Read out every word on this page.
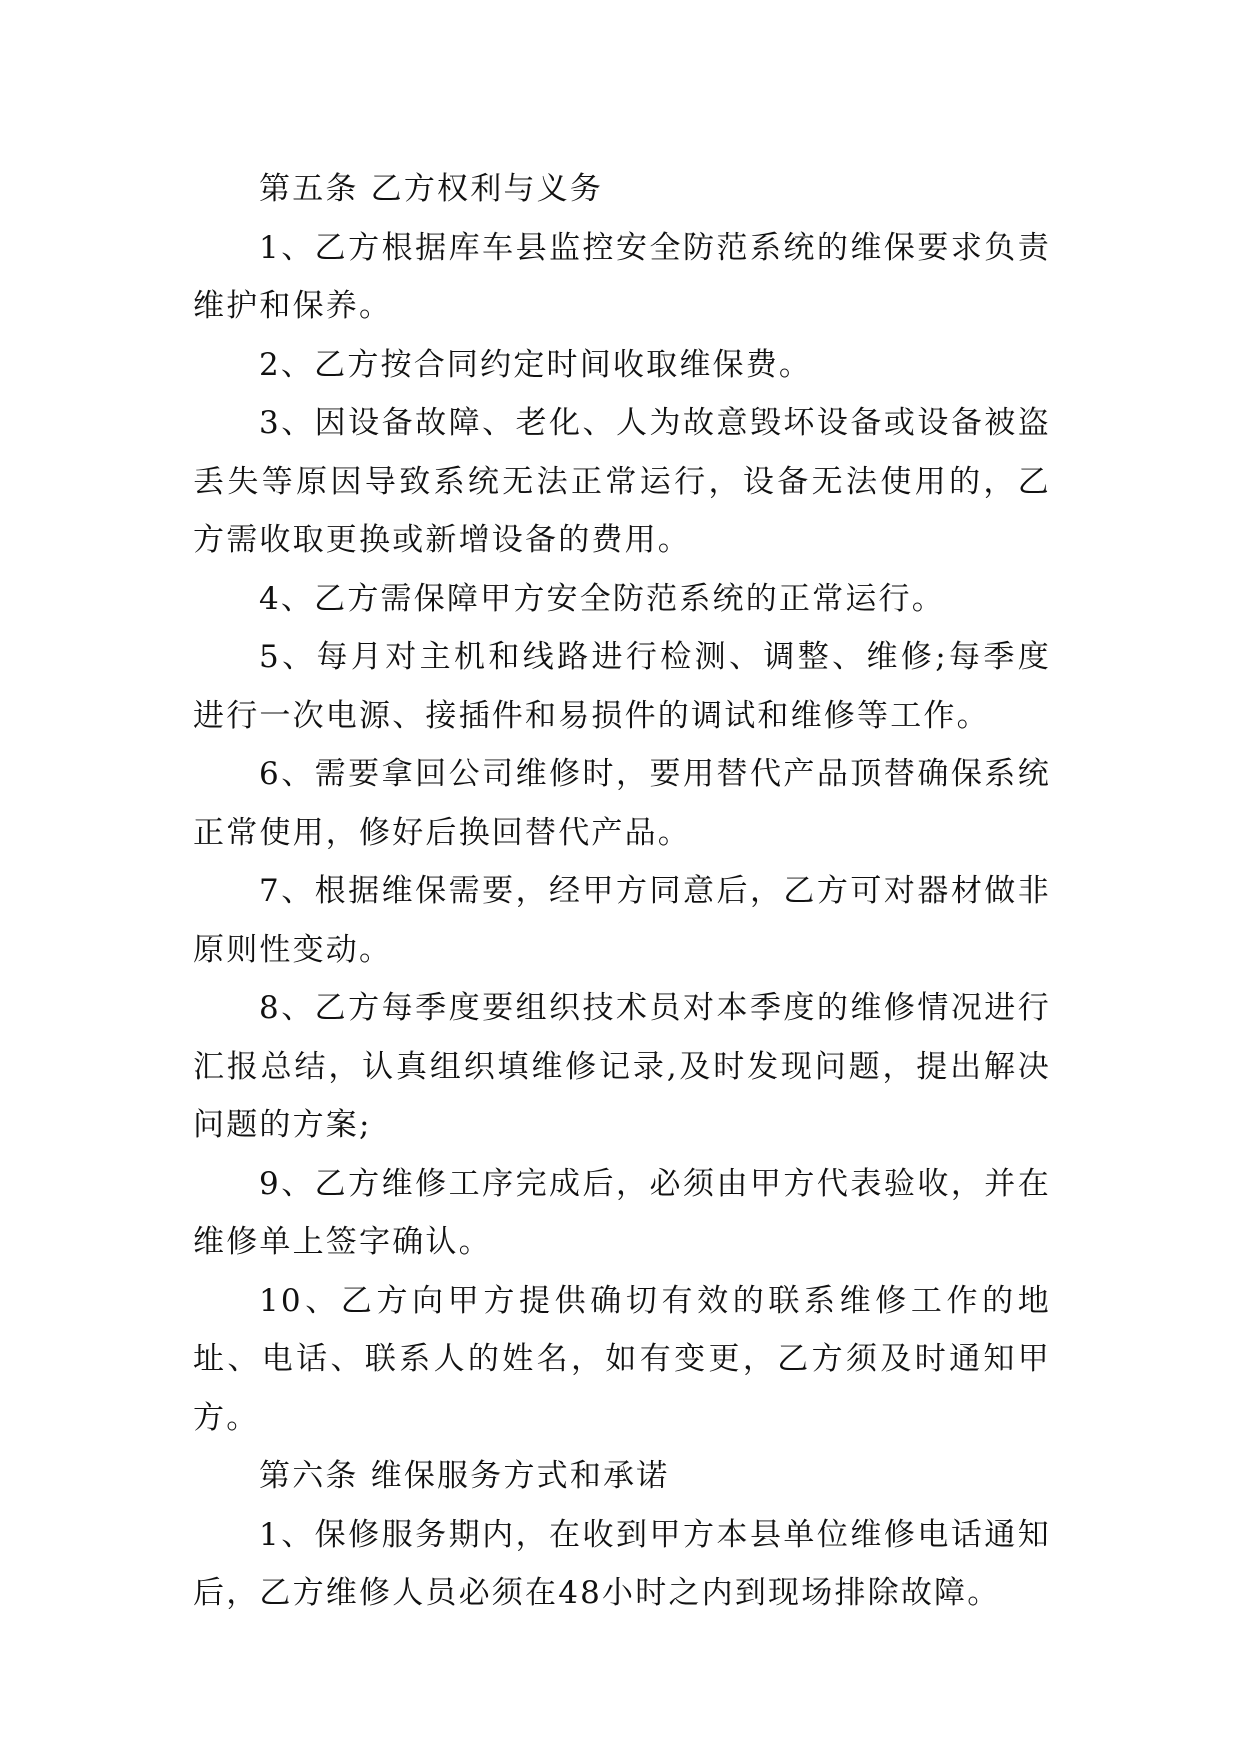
第五条 乙方权利与义务

1、乙方根据库车县监控安全防范系统的维保要求负责维护和保养。

2、乙方按合同约定时间收取维保费。

3、因设备故障、老化、人为故意毁坏设备或设备被盗丢失等原因导致系统无法正常运行，设备无法使用的，乙方需收取更换或新增设备的费用。

4、乙方需保障甲方安全防范系统的正常运行。

5、每月对主机和线路进行检测、调整、维修;每季度进行一次电源、接插件和易损件的调试和维修等工作。

6、需要拿回公司维修时，要用替代产品顶替确保系统正常使用，修好后换回替代产品。

7、根据维保需要，经甲方同意后，乙方可对器材做非原则性变动。

8、乙方每季度要组织技术员对本季度的维修情况进行汇报总结，认真组织填维修记录,及时发现问题，提出解决问题的方案;

9、乙方维修工序完成后，必须由甲方代表验收，并在维修单上签字确认。

10、乙方向甲方提供确切有效的联系维修工作的地址、电话、联系人的姓名，如有变更，乙方须及时通知甲方。

第六条 维保服务方式和承诺

1、保修服务期内，在收到甲方本县单位维修电话通知后，乙方维修人员必须在48小时之内到现场排除故障。
